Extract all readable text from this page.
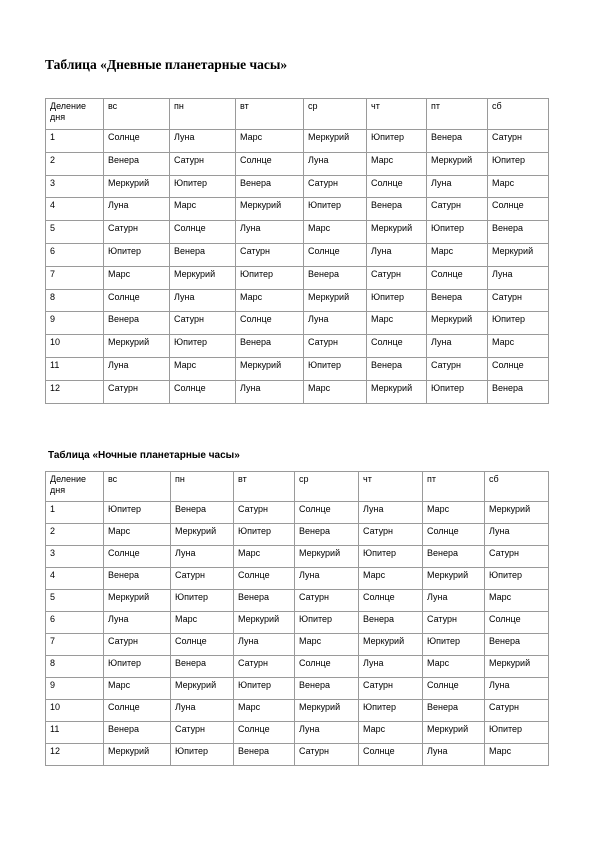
Таблица «Дневные планетарные часы»
Деление дня	вс	пн	вт	ср	чт	пт	сб
1	Солнце	Луна	Марс	Меркурий	Юпитер	Венера	Сатурн
2	Венера	Сатурн	Солнце	Луна	Марс	Меркурий	Юпитер
3	Меркурий	Юпитер	Венера	Сатурн	Солнце	Луна	Марс
4	Луна	Марс	Меркурий	Юпитер	Венера	Сатурн	Солнце
5	Сатурн	Солнце	Луна	Марс	Меркурий	Юпитер	Венера
6	Юпитер	Венера	Сатурн	Солнце	Луна	Марс	Меркурий
7	Марс	Меркурий	Юпитер	Венера	Сатурн	Солнце	Луна
8	Солнце	Луна	Марс	Меркурий	Юпитер	Венера	Сатурн
9	Венера	Сатурн	Солнце	Луна	Марс	Меркурий	Юпитер
10	Меркурий	Юпитер	Венера	Сатурн	Солнце	Луна	Марс
11	Луна	Марс	Меркурий	Юпитер	Венера	Сатурн	Солнце
12	Сатурн	Солнце	Луна	Марс	Меркурий	Юпитер	Венера
Таблица «Ночные планетарные часы»
Деление дня	вс	пн	вт	ср	чт	пт	сб
1	Юпитер	Венера	Сатурн	Солнце	Луна	Марс	Меркурий
2	Марс	Меркурий	Юпитер	Венера	Сатурн	Солнце	Луна
3	Солнце	Луна	Марс	Меркурий	Юпитер	Венера	Сатурн
4	Венера	Сатурн	Солнце	Луна	Марс	Меркурий	Юпитер
5	Меркурий	Юпитер	Венера	Сатурн	Солнце	Луна	Марс
6	Луна	Марс	Меркурий	Юпитер	Венера	Сатурн	Солнце
7	Сатурн	Солнце	Луна	Марс	Меркурий	Юпитер	Венера
8	Юпитер	Венера	Сатурн	Солнце	Луна	Марс	Меркурий
9	Марс	Меркурий	Юпитер	Венера	Сатурн	Солнце	Луна
10	Солнце	Луна	Марс	Меркурий	Юпитер	Венера	Сатурн
11	Венера	Сатурн	Солнце	Луна	Марс	Меркурий	Юпитер
12	Меркурий	Юпитер	Венера	Сатурн	Солнце	Луна	Марс
